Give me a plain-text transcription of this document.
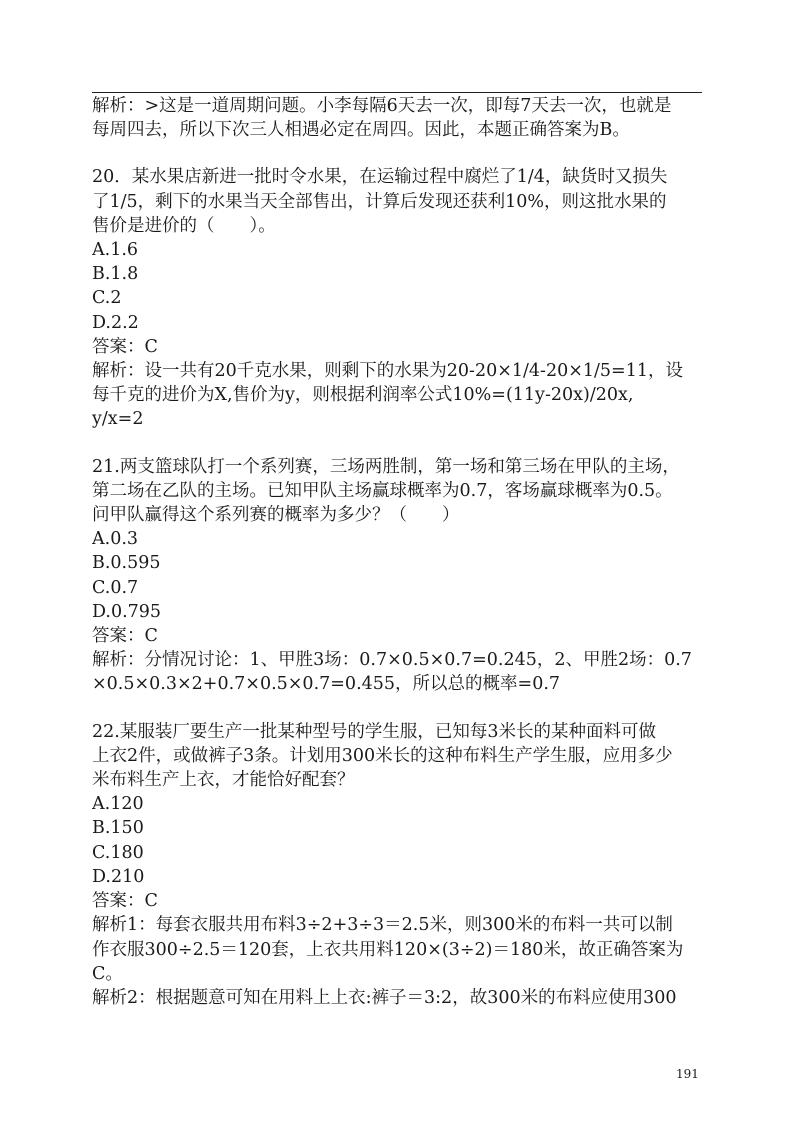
解析：>这是一道周期问题。小李每隔6天去一次，即每7天去一次，也就是
每周四去，所以下次三人相遇必定在周四。因此，本题正确答案为B。
20．某水果店新进一批时令水果，在运输过程中腐烂了1/4，缺货时又损失
了1/5，剩下的水果当天全部售出，计算后发现还获利10%，则这批水果的
售价是进价的（　　）。
A.1.6
B.1.8
C.2
D.2.2
答案：C
解析：设一共有20千克水果，则剩下的水果为20-20×1/4-20×1/5=11，设
每千克的进价为X,售价为y，则根据利润率公式10%=(11y-20x)/20x,
y/x=2
21.两支篮球队打一个系列赛，三场两胜制，第一场和第三场在甲队的主场，
第二场在乙队的主场。已知甲队主场赢球概率为0.7，客场赢球概率为0.5。
问甲队赢得这个系列赛的概率为多少？（　　）
A.0.3
B.0.595
C.0.7
D.0.795
答案：C
解析：分情况讨论：1、甲胜3场：0.7×0.5×0.7=0.245，2、甲胜2场：0.7
×0.5×0.3×2+0.7×0.5×0.7=0.455，所以总的概率=0.7
22.某服装厂要生产一批某种型号的学生服，已知每3米长的某种面料可做
上衣2件，或做裤子3条。计划用300米长的这种布料生产学生服，应用多少
米布料生产上衣，才能恰好配套？
A.120
B.150
C.180
D.210
答案：C
解析1：每套衣服共用布料3÷2+3÷3＝2.5米，则300米的布料一共可以制
作衣服300÷2.5＝120套，上衣共用料120×(3÷2)＝180米，故正确答案为
C。
解析2：根据题意可知在用料上上衣:裤子＝3:2，故300米的布料应使用300
191
